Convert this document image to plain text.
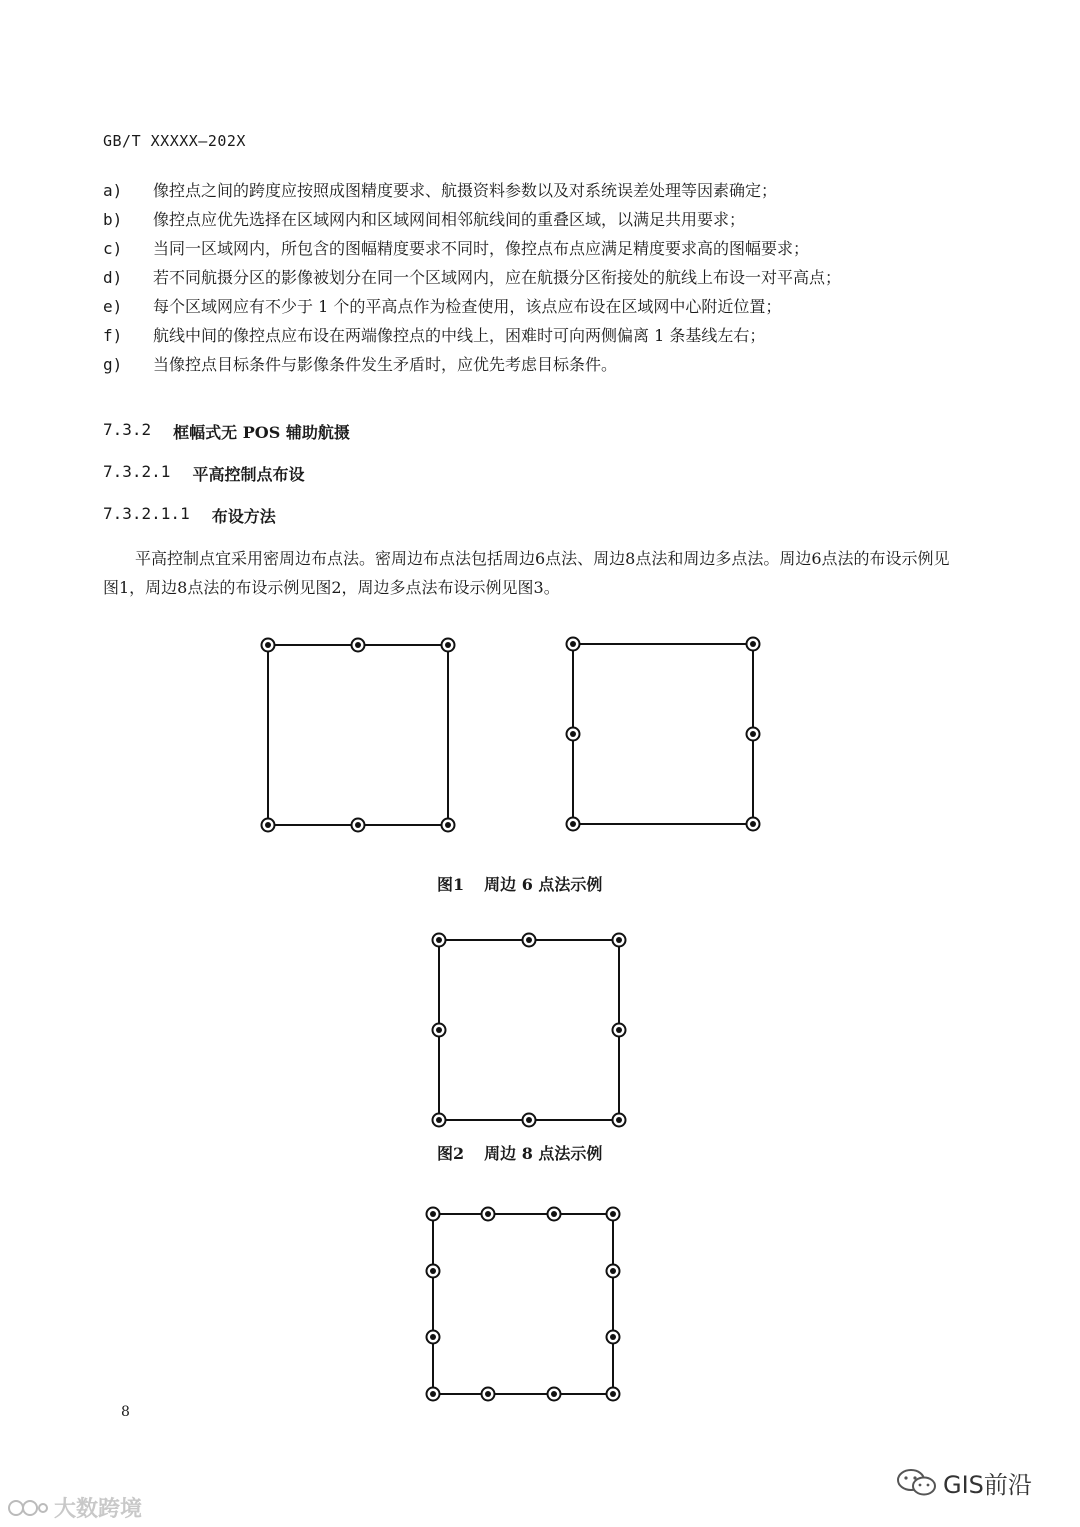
GB/T XXXXX—202X
a)	像控点之间的跨度应按照成图精度要求、航摄资料参数以及对系统误差处理等因素确定；
b)	像控点应优先选择在区域网内和区域网间相邻航线间的重叠区域，以满足共用要求；
c)	当同一区域网内，所包含的图幅精度要求不同时，像控点布点应满足精度要求高的图幅要求；
d)	若不同航摄分区的影像被划分在同一个区域网内，应在航摄分区衔接处的航线上布设一对平高点；
e)	每个区域网应有不少于 1 个的平高点作为检查使用，该点应布设在区域网中心附近位置；
f)	航线中间的像控点应布设在两端像控点的中线上，困难时可向两侧偏离 1 条基线左右；
g)	当像控点目标条件与影像条件发生矛盾时，应优先考虑目标条件。
7.3.2 框幅式无 POS 辅助航摄
7.3.2.1 平高控制点布设
7.3.2.1.1 布设方法
平高控制点宜采用密周边布点法。密周边布点法包括周边6点法、周边8点法和周边多点法。周边6点法的布设示例见图1，周边8点法的布设示例见图2，周边多点法布设示例见图3。
图1 周边 6 点法示例
图2 周边 8 点法示例
8
大数跨境
GIS前沿
